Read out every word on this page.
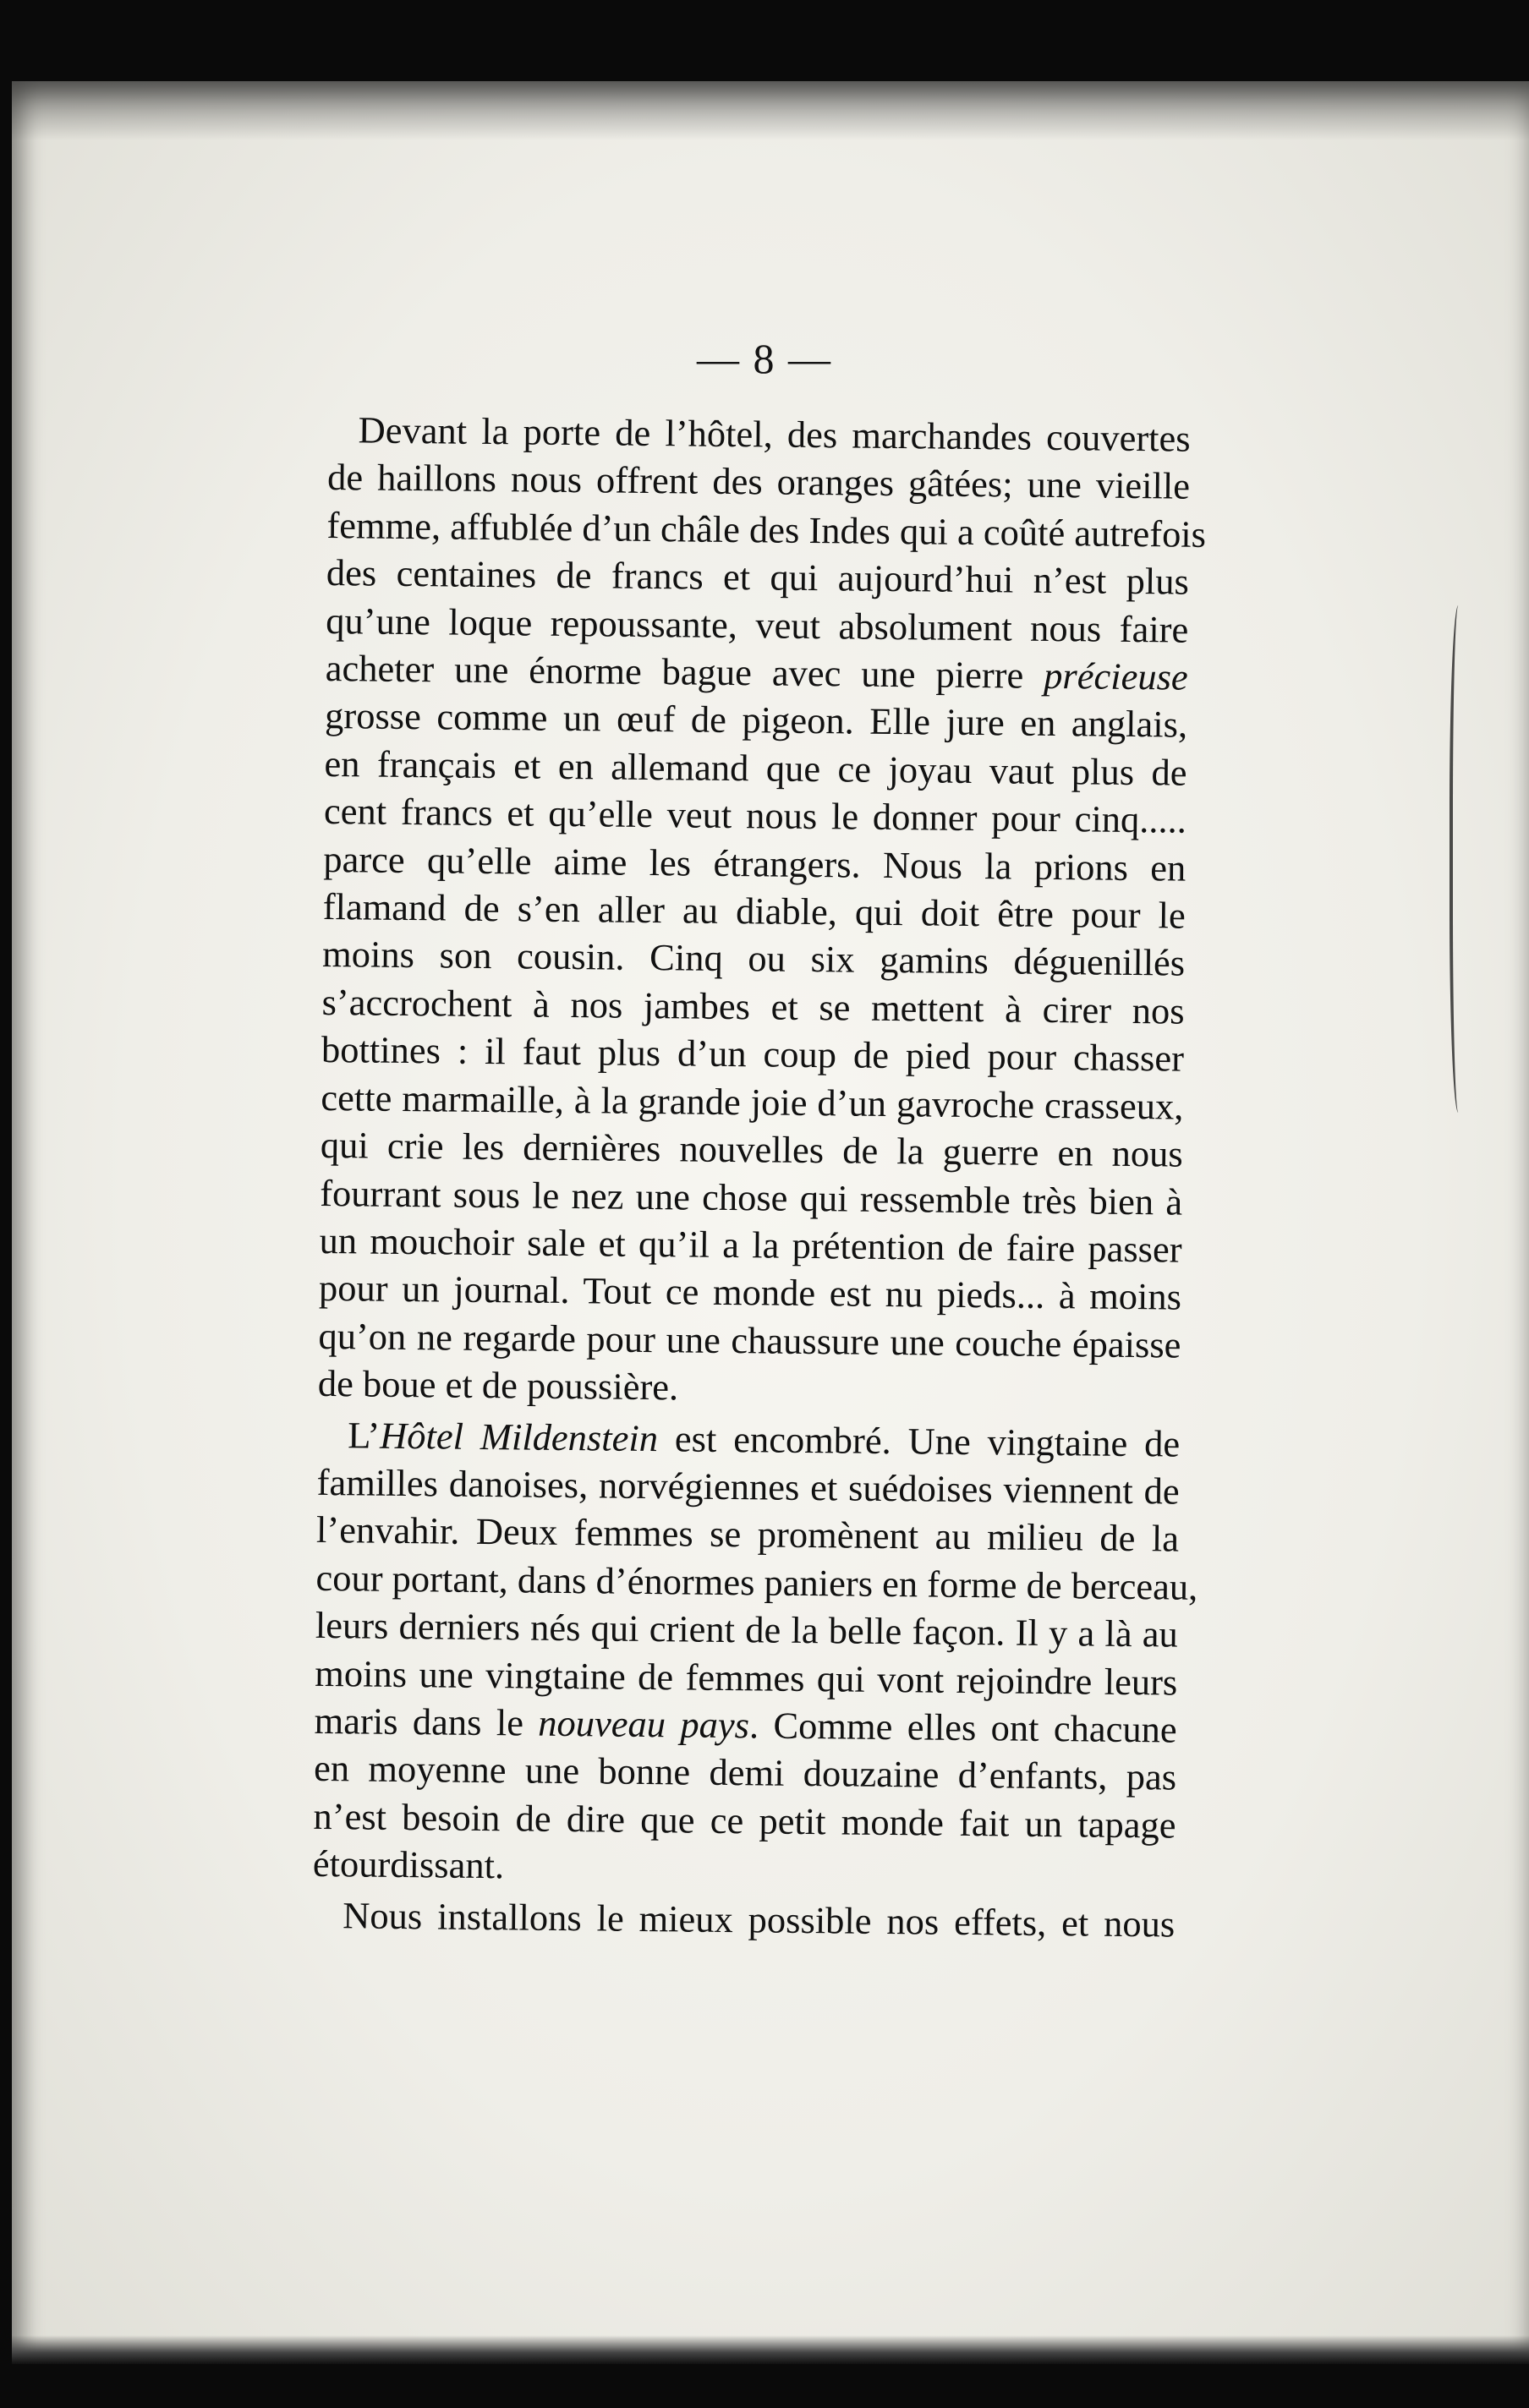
— 8 —
Devant la porte de l’hôtel, des marchandes couvertes
de haillons nous offrent des oranges gâtées; une vieille
femme, affublée d’un châle des Indes qui a coûté autrefois
des centaines de francs et qui aujourd’hui n’est plus
qu’une loque repoussante, veut absolument nous faire
acheter une énorme bague avec une pierre précieuse
grosse comme un œuf de pigeon. Elle jure en anglais,
en français et en allemand que ce joyau vaut plus de
cent francs et qu’elle veut nous le donner pour cinq.....
parce qu’elle aime les étrangers. Nous la prions en
flamand de s’en aller au diable, qui doit être pour le
moins son cousin. Cinq ou six gamins déguenillés
s’accrochent à nos jambes et se mettent à cirer nos
bottines : il faut plus d’un coup de pied pour chasser
cette marmaille, à la grande joie d’un gavroche crasseux,
qui crie les dernières nouvelles de la guerre en nous
fourrant sous le nez une chose qui ressemble très bien à
un mouchoir sale et qu’il a la prétention de faire passer
pour un journal. Tout ce monde est nu pieds... à moins
qu’on ne regarde pour une chaussure une couche épaisse
de boue et de poussière.
L’Hôtel Mildenstein est encombré. Une vingtaine de
familles danoises, norvégiennes et suédoises viennent de
l’envahir. Deux femmes se promènent au milieu de la
cour portant, dans d’énormes paniers en forme de berceau,
leurs derniers nés qui crient de la belle façon. Il y a là au
moins une vingtaine de femmes qui vont rejoindre leurs
maris dans le nouveau pays. Comme elles ont chacune
en moyenne une bonne demi douzaine d’enfants, pas
n’est besoin de dire que ce petit monde fait un tapage
étourdissant.
Nous installons le mieux possible nos effets, et nous
